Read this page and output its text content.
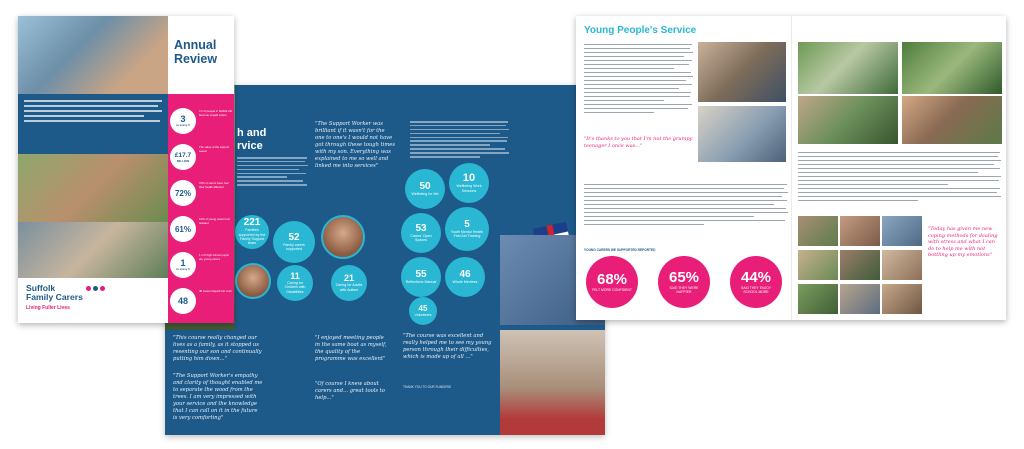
h and
rvice
"The Support Worker was brilliant if it wasn't for the one to one's I would not have got through these tough times with my son. Everything was explained to me so well and linked me into services"
221
Families supported by the Family Support team
52
Family carers supported
11
Caring for Children with Disabilities
21
Caring for Adults with Autism
50
Wellbeing for Me
10
Wellbeing Work Sessions
53
Carers' Open Spaces
5
Youth Mental Health First Aid Training
55
Reflections Manual
46
Whole Mentees
45
Volunteers
"This course really changed our lives as a family, as it stopped us resenting our son and continually putting him down..."
"The Support Worker's empathy and clarity of thought enabled me to separate the wood from the trees. I am very impressed with your service and the knowledge that I can call on it in the future is very comforting"
"I enjoyed meeting people in the same boat as myself, the quality of the programme was excellent"
"Of course I knew about carers and... great tools to help..."
"The course was excellent and really helped me to see my young person through their difficulties, which is made up of all ..."
THANK YOU TO OUR FUNDERS
Annual
Review
3
in every 5
3 in 5 people in Suffolk will become unpaid carers
£17.7
MILLION
The value of the support saved
72%
72% of carers have had their health affected
61%
61% of young carers feel isolated
1
in every 5
1 in 5 high school pupils are young carers
48
48 carers helped into work
Suffolk
Family Carers
Living Fuller Lives
Young People's Service
"It's thanks to you that I'm not the grumpy teenager I once was..."
YOUNG CARERS WE SUPPORTED REPORTED
68%
FELT MORE CONFIDENT
65%
SAID THEY WERE HAPPIER
44%
SAID THEY ENJOY SCHOOL MORE
"Today has given me new coping methods for dealing with stress and what I can do to help me with not bottling up my emotions"
